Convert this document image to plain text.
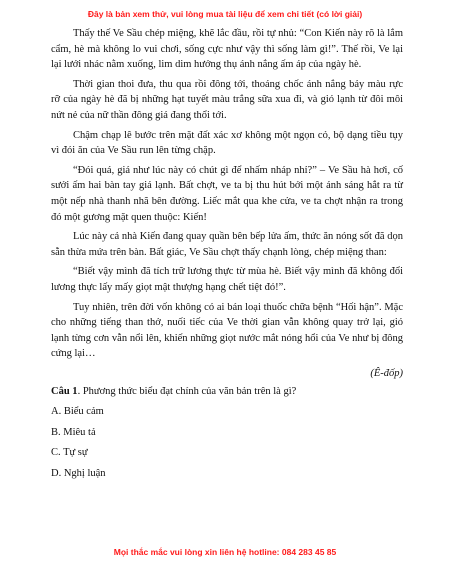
Đây là bản xem thử, vui lòng mua tài liệu để xem chi tiết (có lời giải)

Thấy thế Ve Sầu chép miệng, khẽ lắc đầu, rồi tự nhủ: “Con Kiến này rõ là lắm cẩm, hè mà không lo vui chơi, sống cực như vậy thì sống làm gì!”. Thế rồi, Ve lại lại lưới nhác nằm xuống, lim dim hưởng thụ ánh nắng ấm áp của ngày hè.

Thời gian thoi đưa, thu qua rồi đông tới, thoáng chốc ánh nắng bảy màu rực rỡ của ngày hè đã bị những hạt tuyết màu trắng sữa xua đi, và gió lạnh từ đôi môi nứt nẻ của nữ thần đông giá đang thổi tới.

Chậm chạp lê bước trên mặt đất xác xơ không một ngọn cỏ, bộ dạng tiều tụy vì đói ăn của Ve Sầu run lên từng chặp.

“Đói quá, giá như lúc này có chút gì để nhấm nháp nhỉ?” – Ve Sầu hà hơi, cố sưởi ấm hai bàn tay giá lạnh. Bất chợt, ve ta bị thu hút bởi một ánh sáng hắt ra từ một nếp nhà thanh nhã bên đường. Liếc mắt qua khe cửa, ve ta chợt nhận ra trong đó một gương mặt quen thuộc: Kiến!

Lúc này cả nhà Kiến đang quay quần bên bếp lửa ấm, thức ăn nóng sốt đã dọn sẵn thừa mứa trên bàn. Bất giác, Ve Sầu chợt thấy chạnh lòng, chép miệng than:

“Biết vậy mình đã tích trữ lương thực từ mùa hè. Biết vậy mình đã không đổi lương thực lấy mấy giọt mật thượng hạng chết tiệt đó!”.

Tuy nhiên, trên đời vốn không có ai bán loại thuốc chữa bệnh “Hối hận”. Mặc cho những tiếng than thở, nuối tiếc của Ve thời gian vẫn không quay trở lại, gió lạnh từng cơn vẫn nổi lên, khiến những giọt nước mắt nóng hổi của Ve như bị đông cứng lại…

(Ê-đốp)
Câu 1. Phương thức biểu đạt chính của văn bản trên là gì?
A. Biểu cảm
B. Miêu tả
C. Tự sự
D. Nghị luận
Mọi thắc mắc vui lòng xin liên hệ hotline: 084 283 45 85
